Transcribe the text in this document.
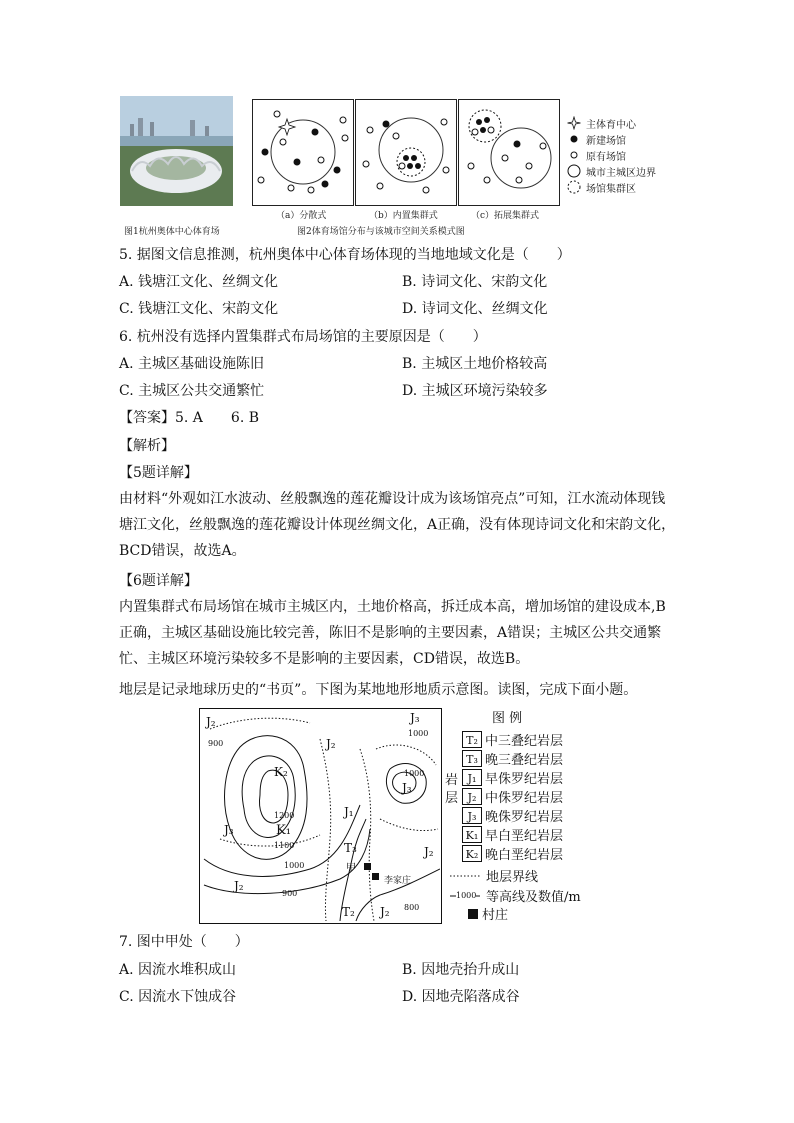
图1杭州奥体中心体育场
（a）分散式	（b）内置集群式	（c）拓展集群式
图2体育场馆分布与该城市空间关系模式图
主体育中心
新建场馆
原有场馆
城市主城区边界
场馆集群区
5. 据图文信息推测，杭州奥体中心体育场体现的当地地域文化是（　　）
A. 钱塘江文化、丝绸文化	B. 诗词文化、宋韵文化
C. 钱塘江文化、宋韵文化	D. 诗词文化、丝绸文化
6. 杭州没有选择内置集群式布局场馆的主要原因是（　　）
A. 主城区基础设施陈旧	B. 主城区土地价格较高
C. 主城区公共交通繁忙	D. 主城区环境污染较多
【答案】5. A　　6. B
【解析】
【5题详解】
由材料“外观如江水波动、丝般飘逸的莲花瓣设计成为该场馆亮点”可知，江水流动体现钱塘江文化，丝般飘逸的莲花瓣设计体现丝绸文化，A正确，没有体现诗词文化和宋韵文化，BCD错误，故选A。
【6题详解】
内置集群式布局场馆在城市主城区内，土地价格高，拆迁成本高，增加场馆的建设成本,B正确，主城区基础设施比较完善，陈旧不是影响的主要因素，A错误；主城区公共交通繁忙、主城区环境污染较多不是影响的主要因素，CD错误，故选B。
地层是记录地球历史的“书页”。下图为某地地形地质示意图。读图，完成下面小题。
J₂
900
K₂
J₂
J₃
1000
1000
J₃
1200
K₁
J₁
J₃
1100	T₃
1000	甲
J₂
李家庄
J₂
900
T₂ J₂ 800
图 例
岩
层
T₂ 中三叠纪岩层
T₃ 晚三叠纪岩层
J₁ 早侏罗纪岩层
J₂ 中侏罗纪岩层
J₃ 晚侏罗纪岩层
K₁ 早白垩纪岩层
K₂ 晚白垩纪岩层
地层界线
1000 等高线及数值/m
村庄
7. 图中甲处（　　）
A. 因流水堆积成山	B. 因地壳抬升成山
C. 因流水下蚀成谷	D. 因地壳陷落成谷
